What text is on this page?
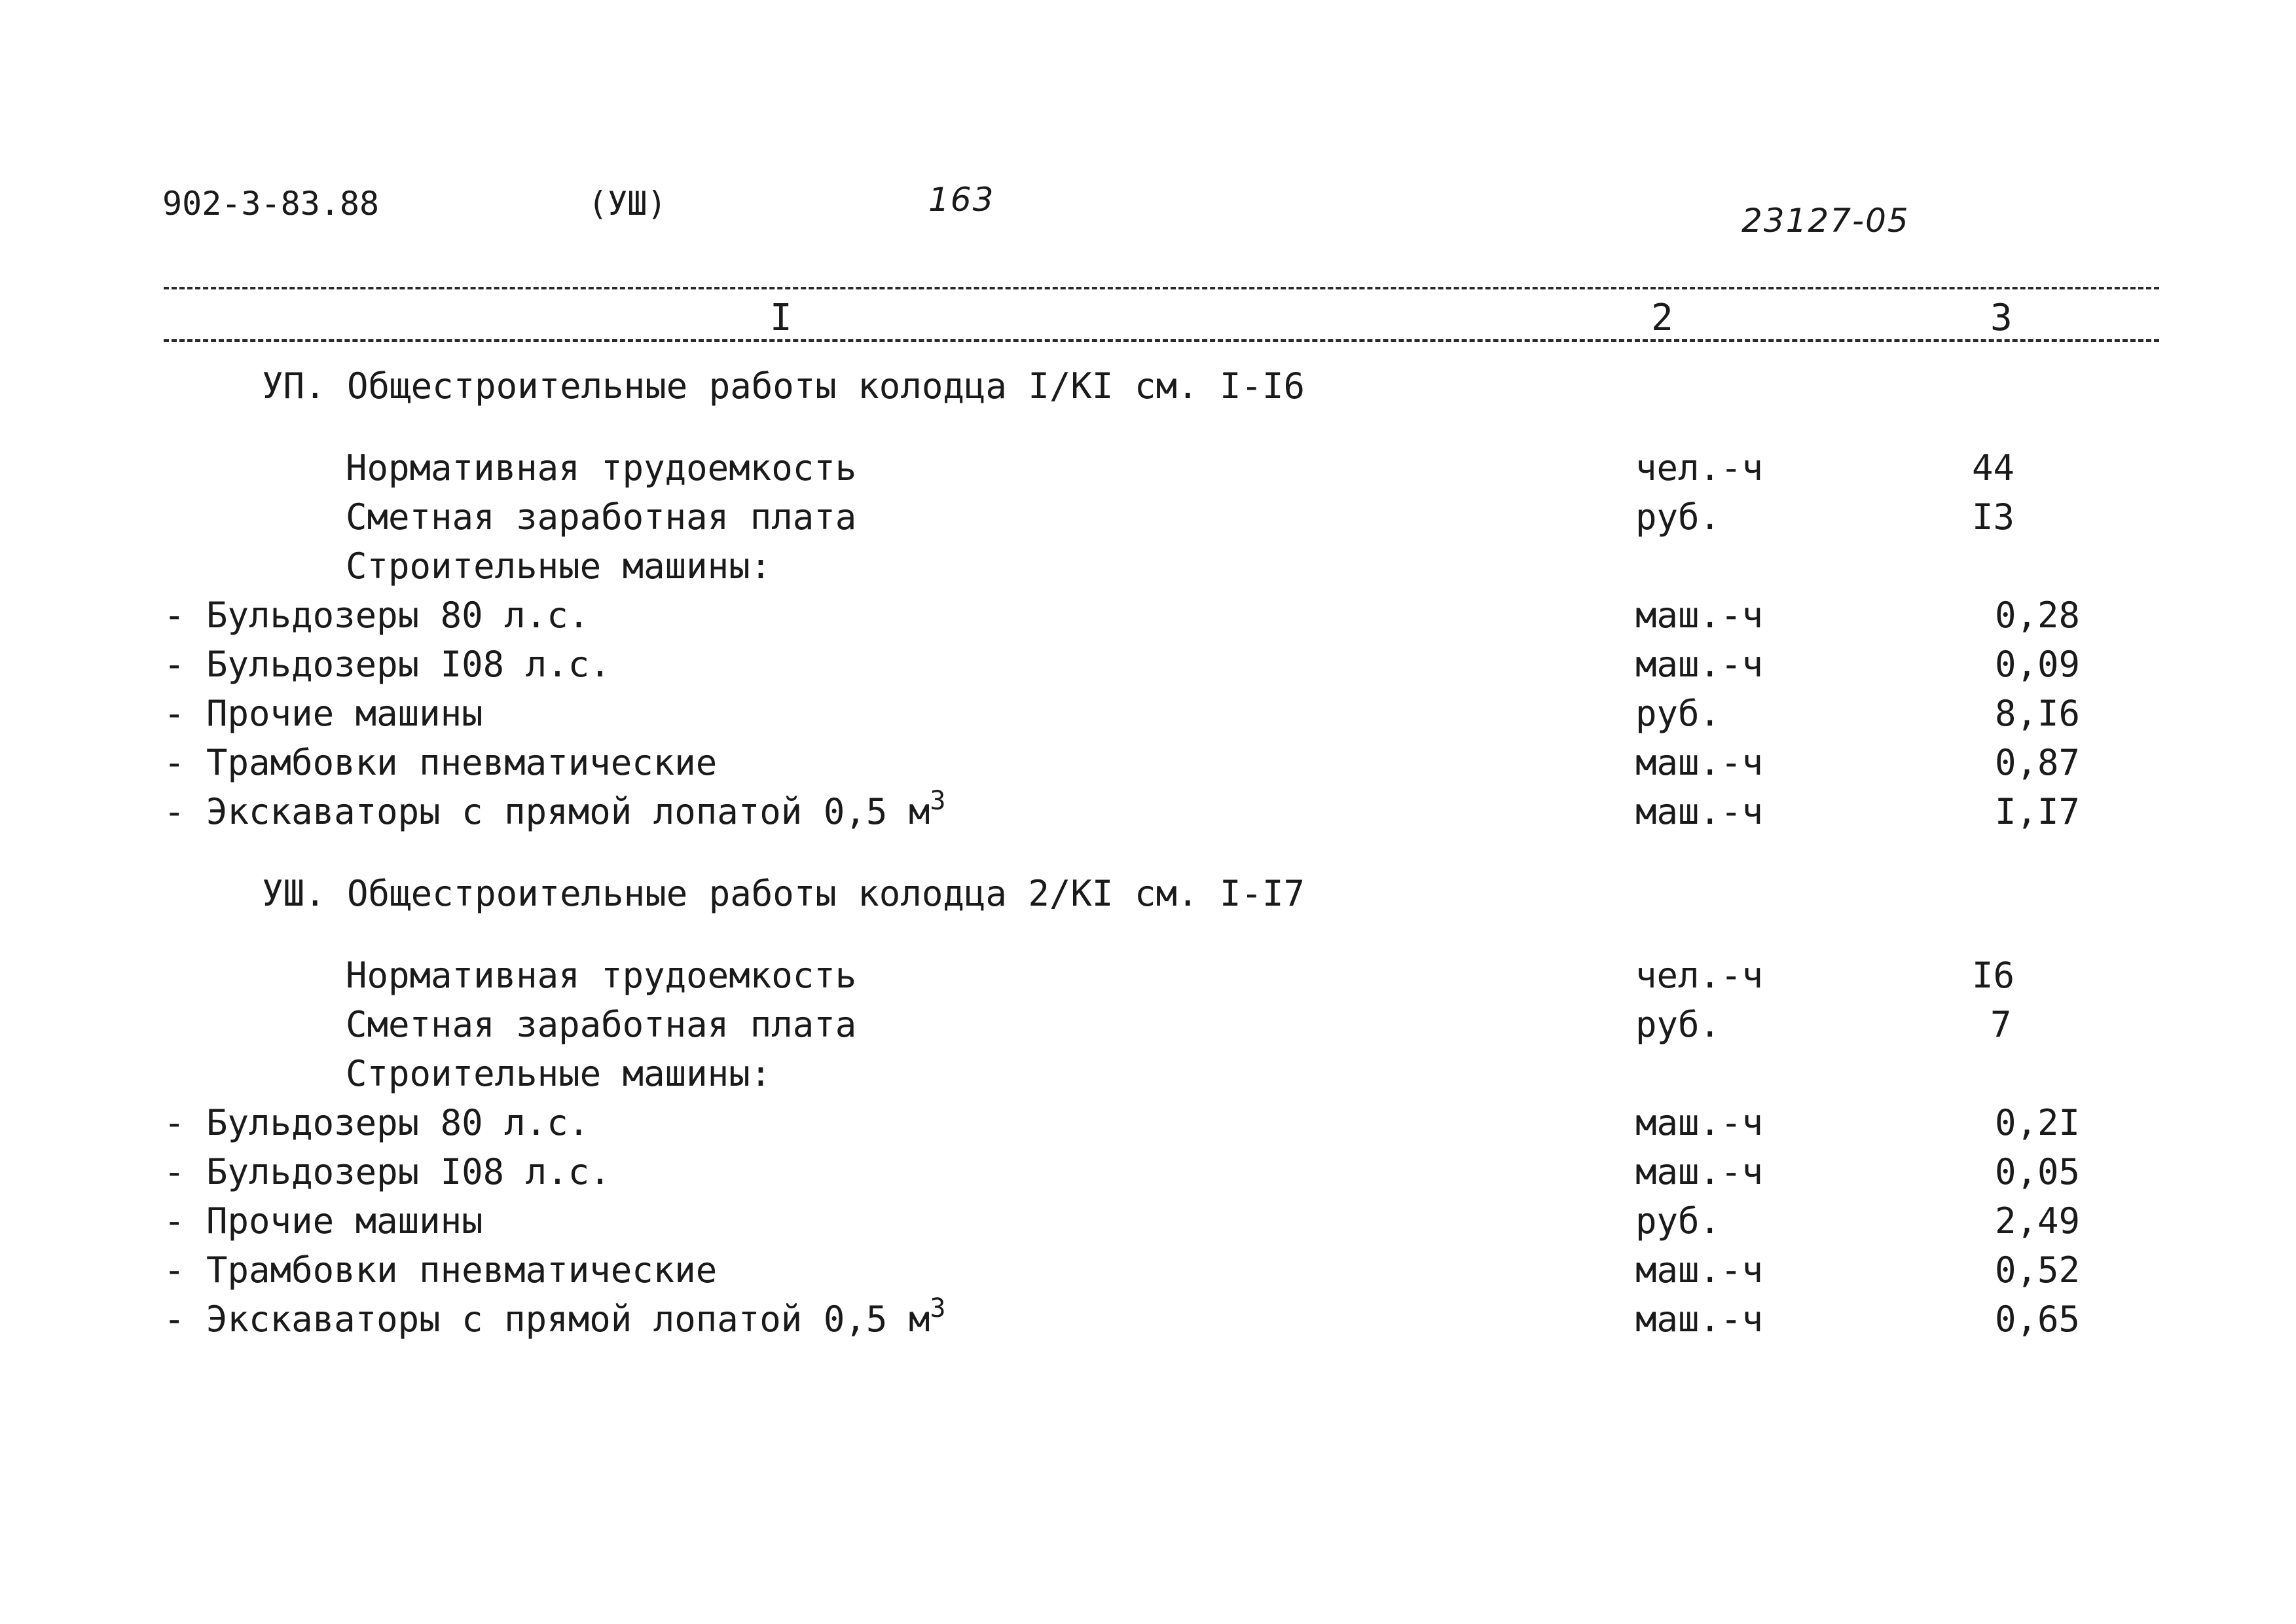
902-3-83.88	(УШ)	163
23127-05
I	2	3
УП. Общестроительные работы колодца I/КI см. I-I6
Нормативная трудоемкость	чел.-ч	44
Сметная заработная плата	руб.	I3
Строительные машины:
- Бульдозеры 80 л.с.	маш.-ч	0,28
- Бульдозеры I08 л.с.	маш.-ч	0,09
- Прочие машины	руб.	8,I6
- Трамбовки пневматические	маш.-ч	0,87
- Экскаваторы с прямой лопатой 0,5 $м^3$	маш.-ч	I,I7
УШ. Общестроительные работы колодца 2/КI см. I-I7
Нормативная трудоемкость	чел.-ч	I6
Сметная заработная плата	руб.	7
Строительные машины:
- Бульдозеры 80 л.с.	маш.-ч	0,2I
- Бульдозеры I08 л.с.	маш.-ч	0,05
- Прочие машины	руб.	2,49
- Трамбовки пневматические	маш.-ч	0,52
- Экскаваторы с прямой лопатой 0,5 $м^3$	маш.-ч	0,65
